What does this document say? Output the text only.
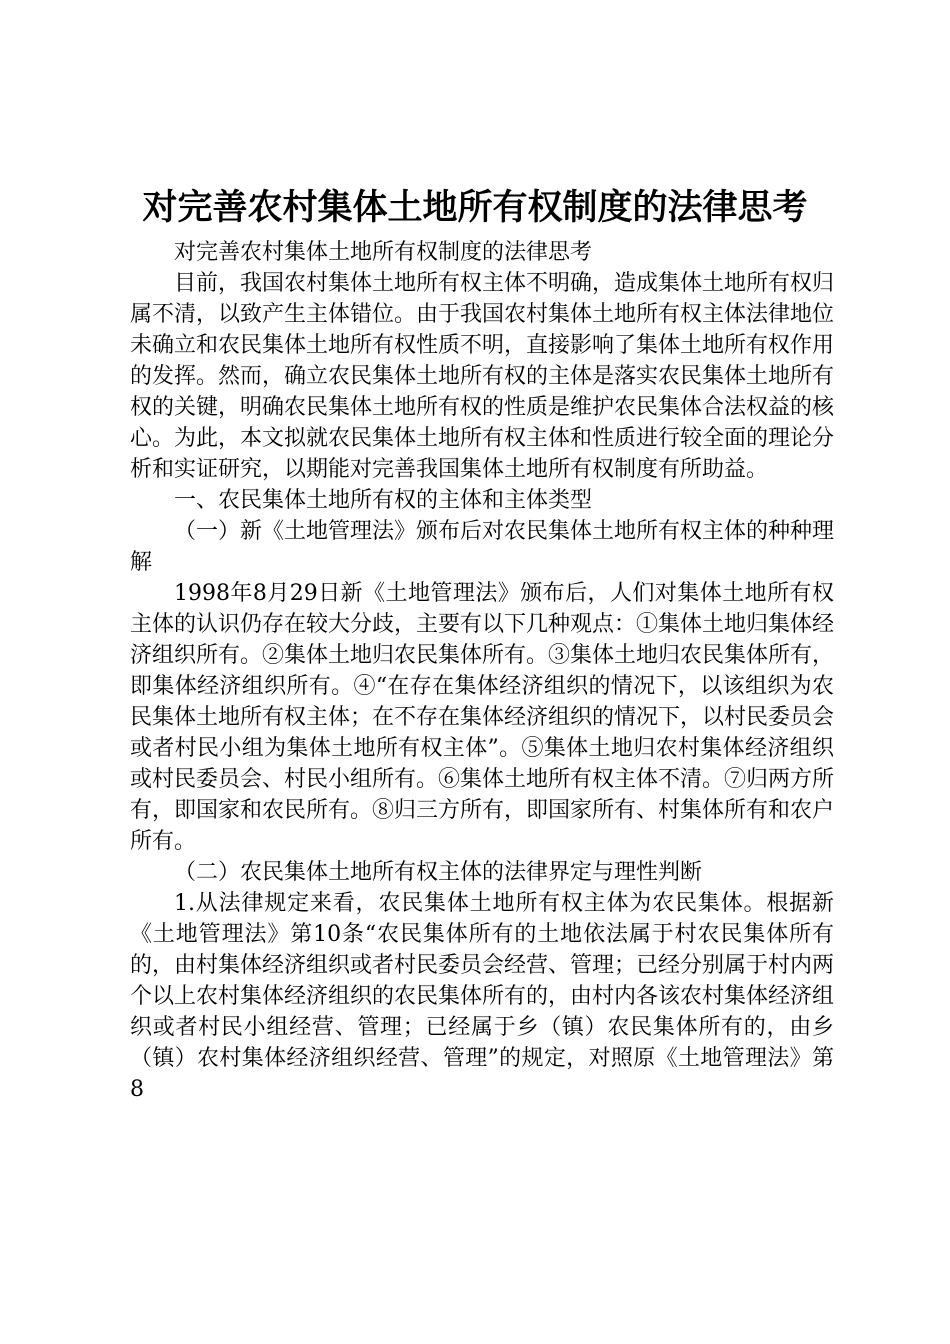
对完善农村集体土地所有权制度的法律思考

对完善农村集体土地所有权制度的法律思考

目前，我国农村集体土地所有权主体不明确，造成集体土地所有权归属不清，以致产生主体错位。由于我国农村集体土地所有权主体法律地位未确立和农民集体土地所有权性质不明，直接影响了集体土地所有权作用的发挥。然而，确立农民集体土地所有权的主体是落实农民集体土地所有权的关键，明确农民集体土地所有权的性质是维护农民集体合法权益的核心。为此，本文拟就农民集体土地所有权主体和性质进行较全面的理论分析和实证研究，以期能对完善我国集体土地所有权制度有所助益。

一、农民集体土地所有权的主体和主体类型

（一）新《土地管理法》颁布后对农民集体土地所有权主体的种种理解

1998年8月29日新《土地管理法》颁布后，人们对集体土地所有权主体的认识仍存在较大分歧，主要有以下几种观点：①集体土地归集体经济组织所有。②集体土地归农民集体所有。③集体土地归农民集体所有，即集体经济组织所有。④“在存在集体经济组织的情况下，以该组织为农民集体土地所有权主体；在不存在集体经济组织的情况下，以村民委员会或者村民小组为集体土地所有权主体”。⑤集体土地归农村集体经济组织或村民委员会、村民小组所有。⑥集体土地所有权主体不清。⑦归两方所有，即国家和农民所有。⑧归三方所有，即国家所有、村集体所有和农户所有。

（二）农民集体土地所有权主体的法律界定与理性判断

1.从法律规定来看，农民集体土地所有权主体为农民集体。根据新《土地管理法》第10条“农民集体所有的土地依法属于村农民集体所有的，由村集体经济组织或者村民委员会经营、管理；已经分别属于村内两个以上农村集体经济组织的农民集体所有的，由村内各该农村集体经济组织或者村民小组经营、管理；已经属于乡（镇）农民集体所有的，由乡（镇）农村集体经济组织经营、管理”的规定，对照原《土地管理法》第8
